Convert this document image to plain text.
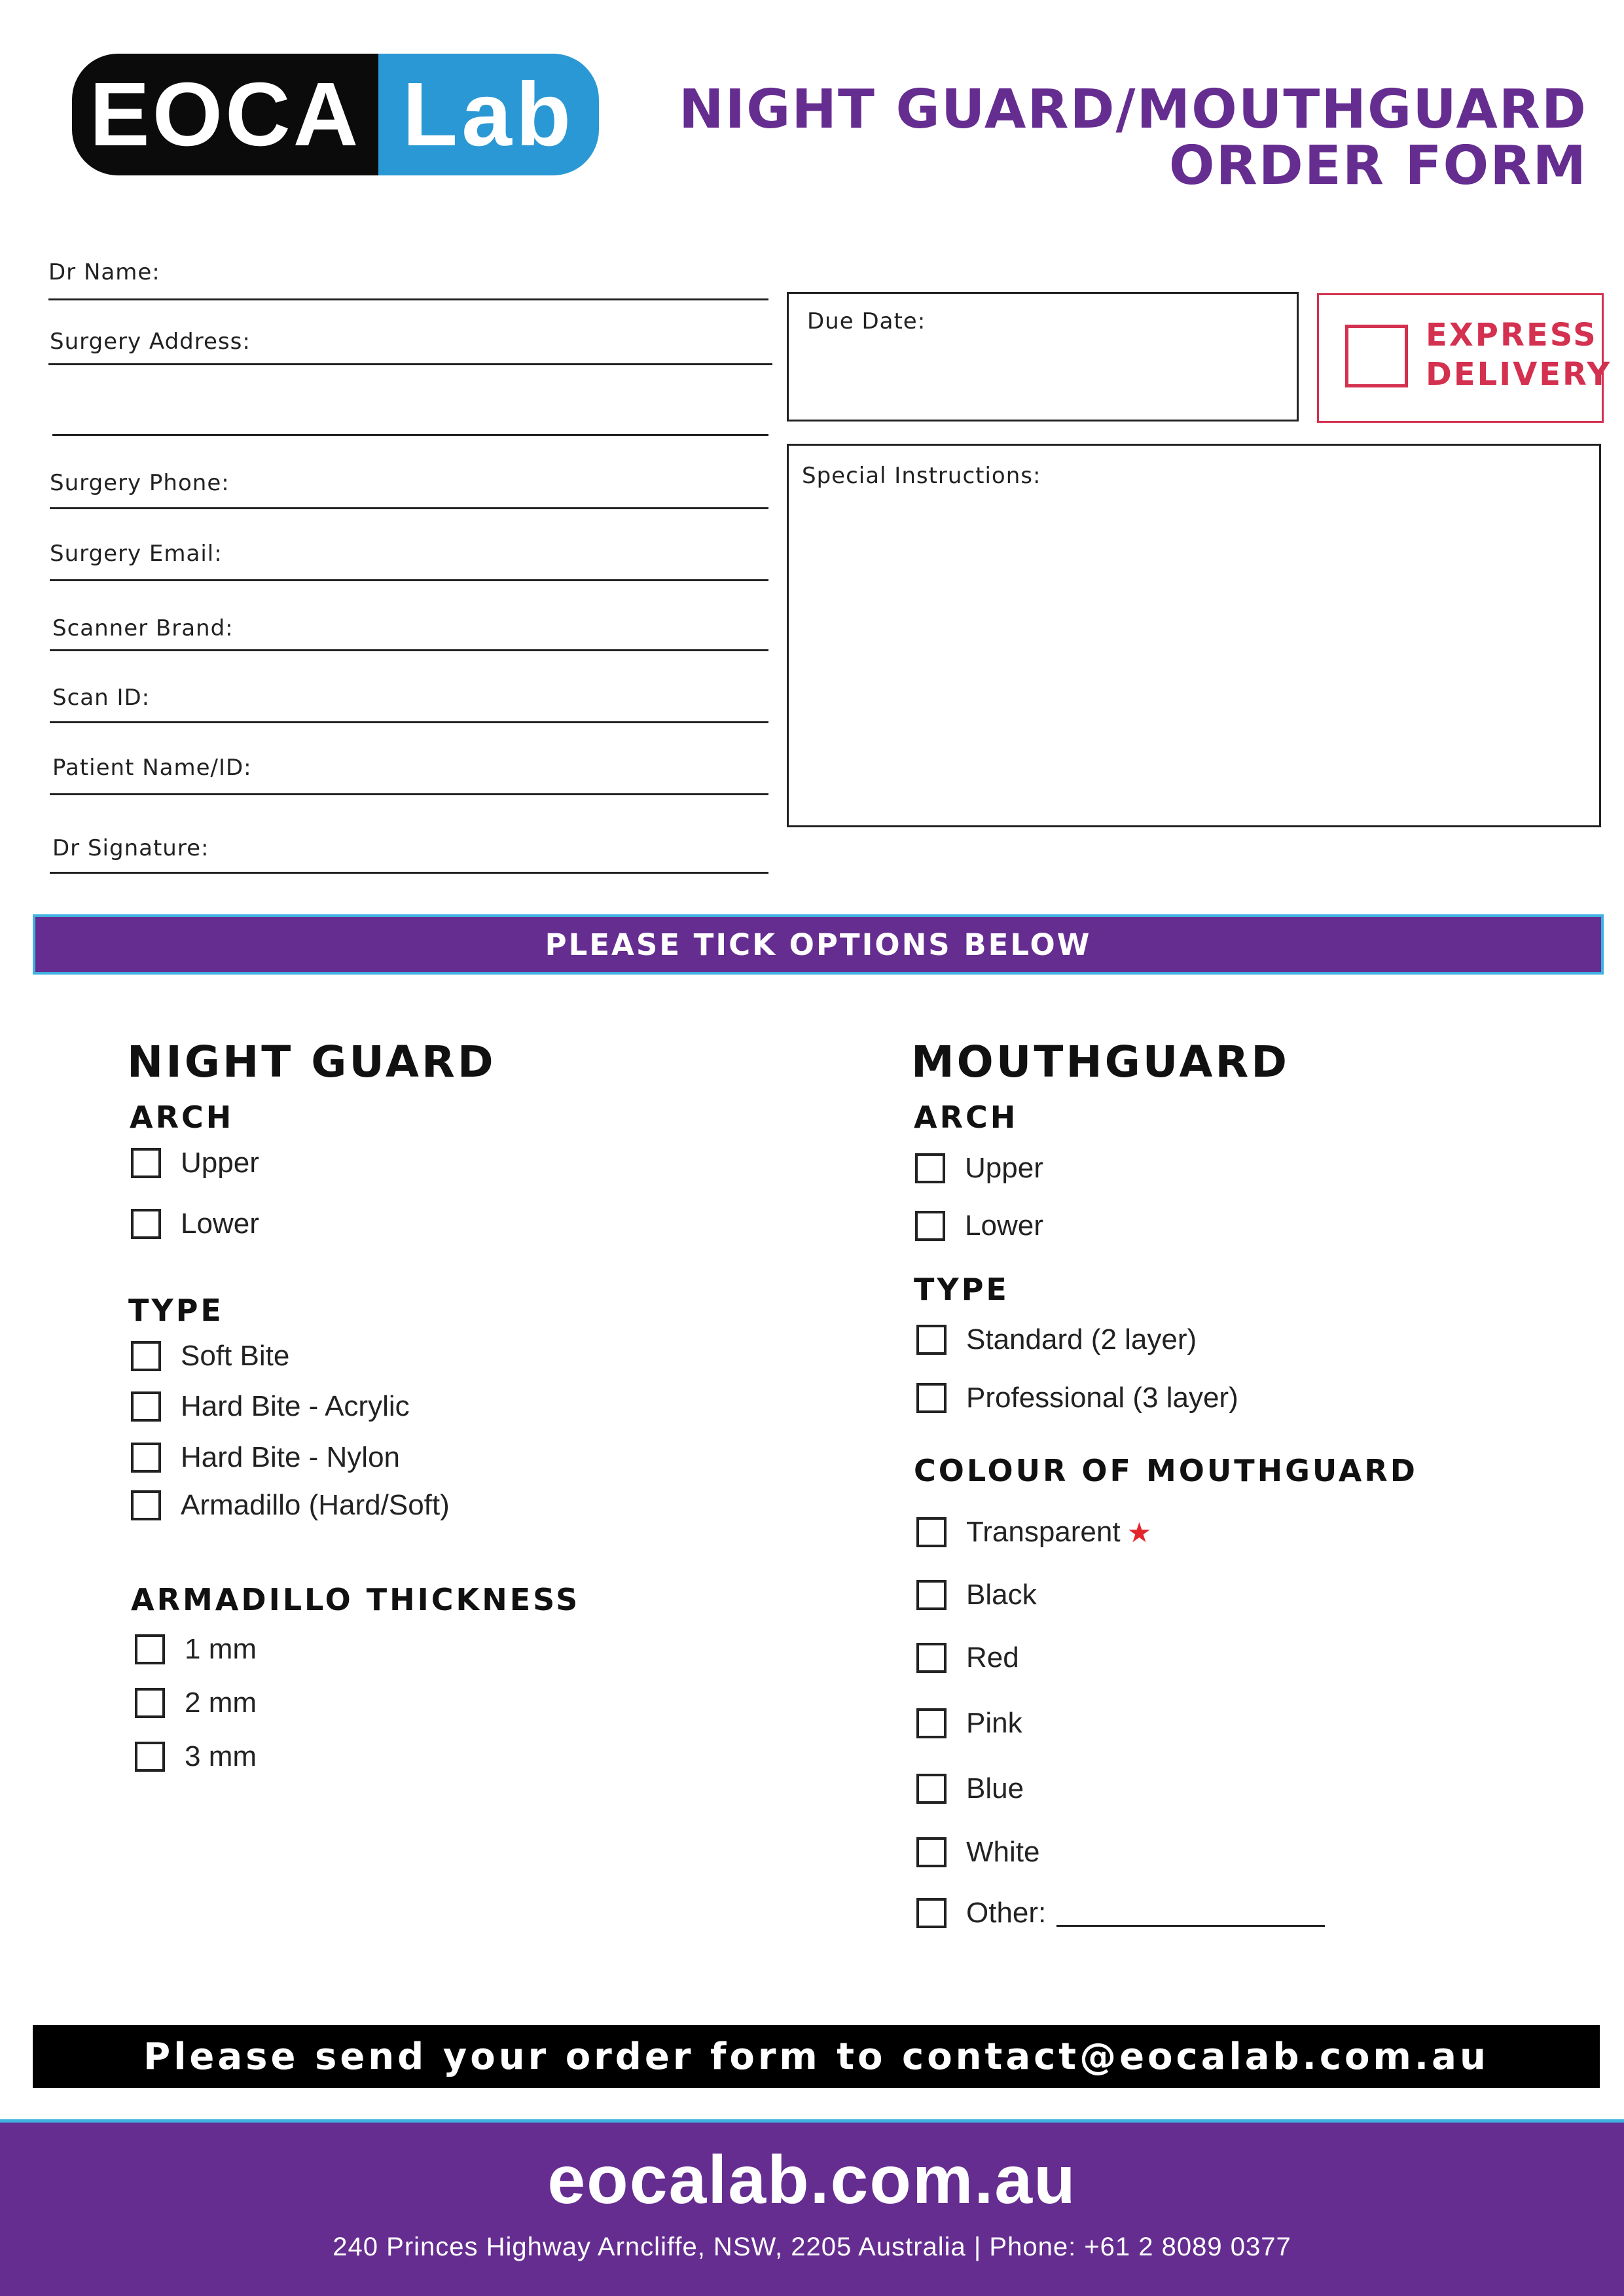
EOCA Lab	NIGHT GUARD/MOUTHGUARD
ORDER FORM
Dr Name:
Surgery Address:
Surgery Phone:
Surgery Email:
Scanner Brand:
Scan ID:
Patient Name/ID:
Dr Signature:
Due Date:	EXPRESS
DELIVERY
Special Instructions:
PLEASE TICK OPTIONS BELOW
NIGHT GUARD
ARCH
Upper
Lower
TYPE
Soft Bite
Hard Bite - Acrylic
Hard Bite - Nylon
Armadillo (Hard/Soft)
ARMADILLO THICKNESS
1 mm
2 mm
3 mm
MOUTHGUARD
ARCH
Upper
Lower
TYPE
Standard (2 layer)
Professional (3 layer)
COLOUR OF MOUTHGUARD
Transparent ★
Black
Red
Pink
Blue
White
Other:
Please send your order form to contact@eocalab.com.au
eocalab.com.au
240 Princes Highway Arncliffe, NSW, 2205 Australia | Phone: +61 2 8089 0377
